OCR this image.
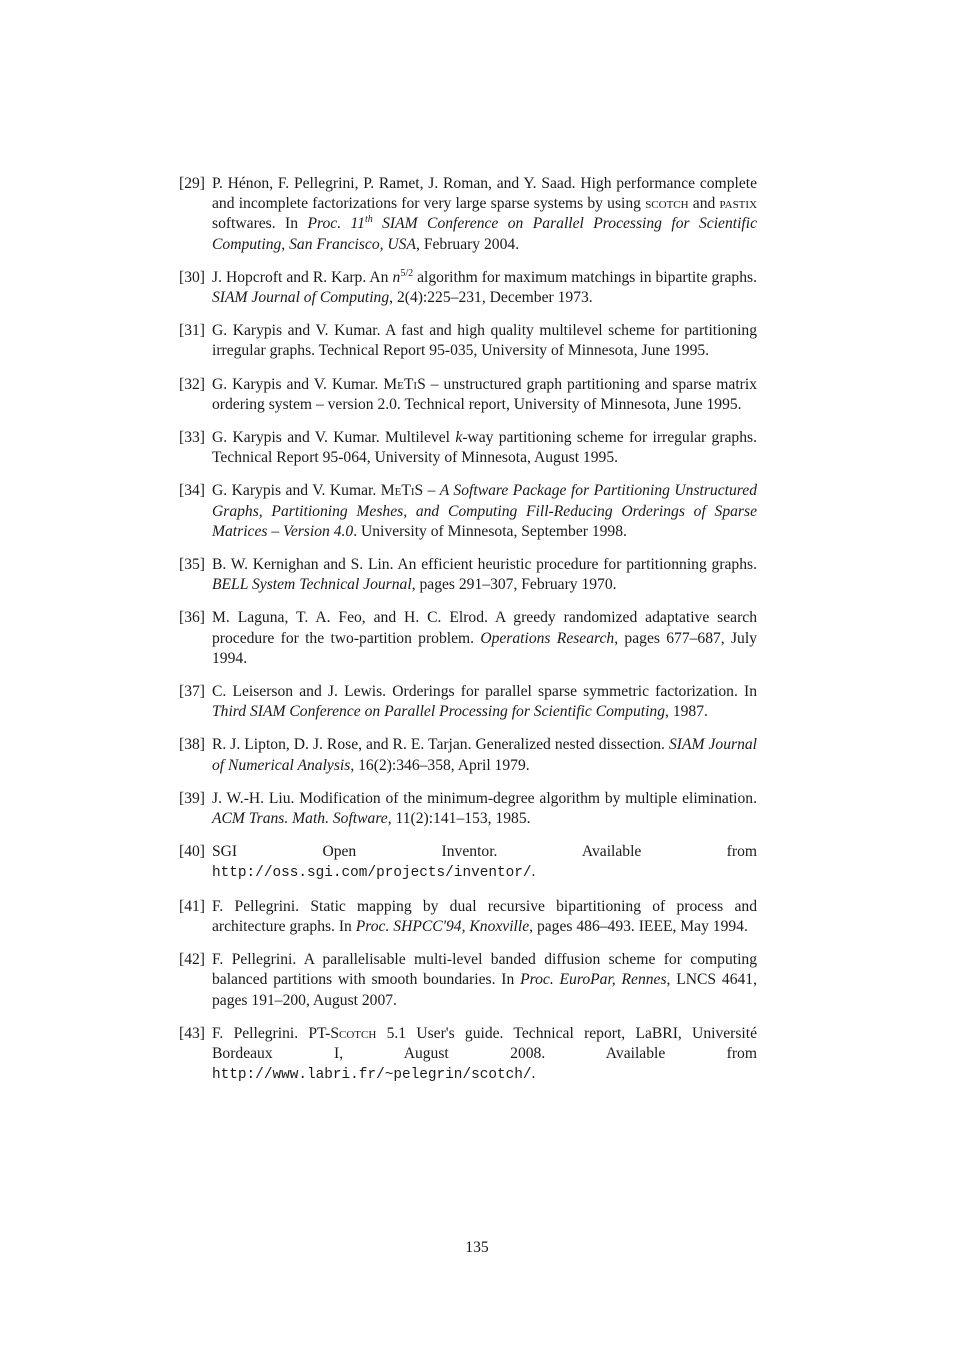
[29] P. Hénon, F. Pellegrini, P. Ramet, J. Roman, and Y. Saad. High performance complete and incomplete factorizations for very large sparse systems by using scotch and pastix softwares. In Proc. 11th SIAM Conference on Parallel Processing for Scientific Computing, San Francisco, USA, February 2004.
[30] J. Hopcroft and R. Karp. An $n^{5/2}$ algorithm for maximum matchings in bipartite graphs. SIAM Journal of Computing, 2(4):225–231, December 1973.
[31] G. Karypis and V. Kumar. A fast and high quality multilevel scheme for partitioning irregular graphs. Technical Report 95-035, University of Minnesota, June 1995.
[32] G. Karypis and V. Kumar. MeTiS – unstructured graph partitioning and sparse matrix ordering system – version 2.0. Technical report, University of Minnesota, June 1995.
[33] G. Karypis and V. Kumar. Multilevel k-way partitioning scheme for irregular graphs. Technical Report 95-064, University of Minnesota, August 1995.
[34] G. Karypis and V. Kumar. MeTiS – A Software Package for Partitioning Unstructured Graphs, Partitioning Meshes, and Computing Fill-Reducing Orderings of Sparse Matrices – Version 4.0. University of Minnesota, September 1998.
[35] B. W. Kernighan and S. Lin. An efficient heuristic procedure for partitionning graphs. BELL System Technical Journal, pages 291–307, February 1970.
[36] M. Laguna, T. A. Feo, and H. C. Elrod. A greedy randomized adaptative search procedure for the two-partition problem. Operations Research, pages 677–687, July 1994.
[37] C. Leiserson and J. Lewis. Orderings for parallel sparse symmetric factorization. In Third SIAM Conference on Parallel Processing for Scientific Computing, 1987.
[38] R. J. Lipton, D. J. Rose, and R. E. Tarjan. Generalized nested dissection. SIAM Journal of Numerical Analysis, 16(2):346–358, April 1979.
[39] J. W.-H. Liu. Modification of the minimum-degree algorithm by multiple elimination. ACM Trans. Math. Software, 11(2):141–153, 1985.
[40] SGI Open Inventor. Available from http://oss.sgi.com/projects/inventor/.
[41] F. Pellegrini. Static mapping by dual recursive bipartitioning of process and architecture graphs. In Proc. SHPCC'94, Knoxville, pages 486–493. IEEE, May 1994.
[42] F. Pellegrini. A parallelisable multi-level banded diffusion scheme for computing balanced partitions with smooth boundaries. In Proc. EuroPar, Rennes, LNCS 4641, pages 191–200, August 2007.
[43] F. Pellegrini. PT-Scotch 5.1 User's guide. Technical report, LaBRI, Université Bordeaux I, August 2008. Available from http://www.labri.fr/~pelegrin/scotch/.
135
